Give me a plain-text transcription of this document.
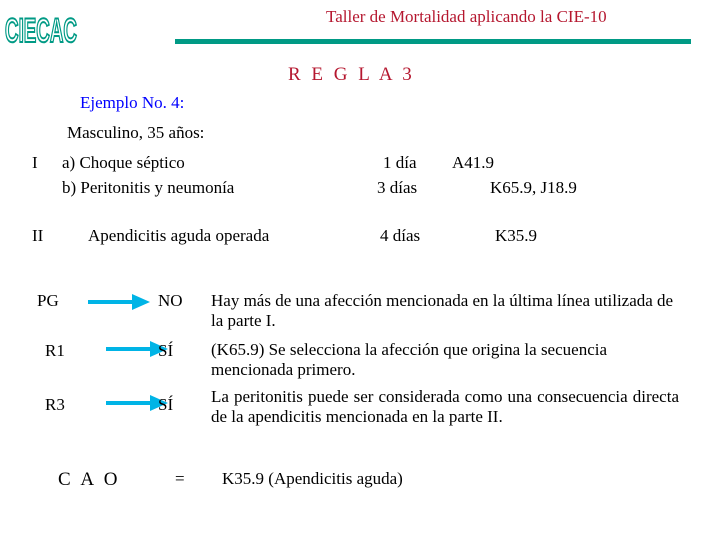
CIECAC	Taller de Mortalidad aplicando la CIE-10
R E G L A 3
Ejemplo No. 4:
Masculino, 35 años:
I a) Choque séptico	1 día A41.9
b) Peritonitis y neumonía	3 días	K65.9, J18.9
II	Apendicitis aguda operada	4 días	K35.9
PG	NO Hay más de una afección mencionada en la última línea utilizada de la parte I.
R1	SÍ (K65.9) Se selecciona la afección que origina la secuencia mencionada primero.
R3	SÍ La peritonitis puede ser considerada como una consecuencia directa de la apendicitis mencionada en la parte II.
C A O	= K35.9 (Apendicitis aguda)
